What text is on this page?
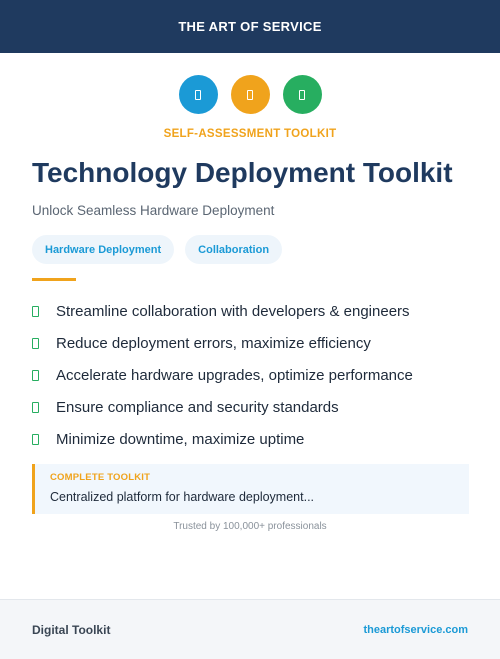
THE ART OF SERVICE
SELF-ASSESSMENT TOOLKIT
Technology Deployment Toolkit
Unlock Seamless Hardware Deployment
Hardware Deployment	Collaboration
Streamline collaboration with developers & engineers
Reduce deployment errors, maximize efficiency
Accelerate hardware upgrades, optimize performance
Ensure compliance and security standards
Minimize downtime, maximize uptime
COMPLETE TOOLKIT
Centralized platform for hardware deployment...
Trusted by 100,000+ professionals
Digital Toolkit	theartofservice.com
